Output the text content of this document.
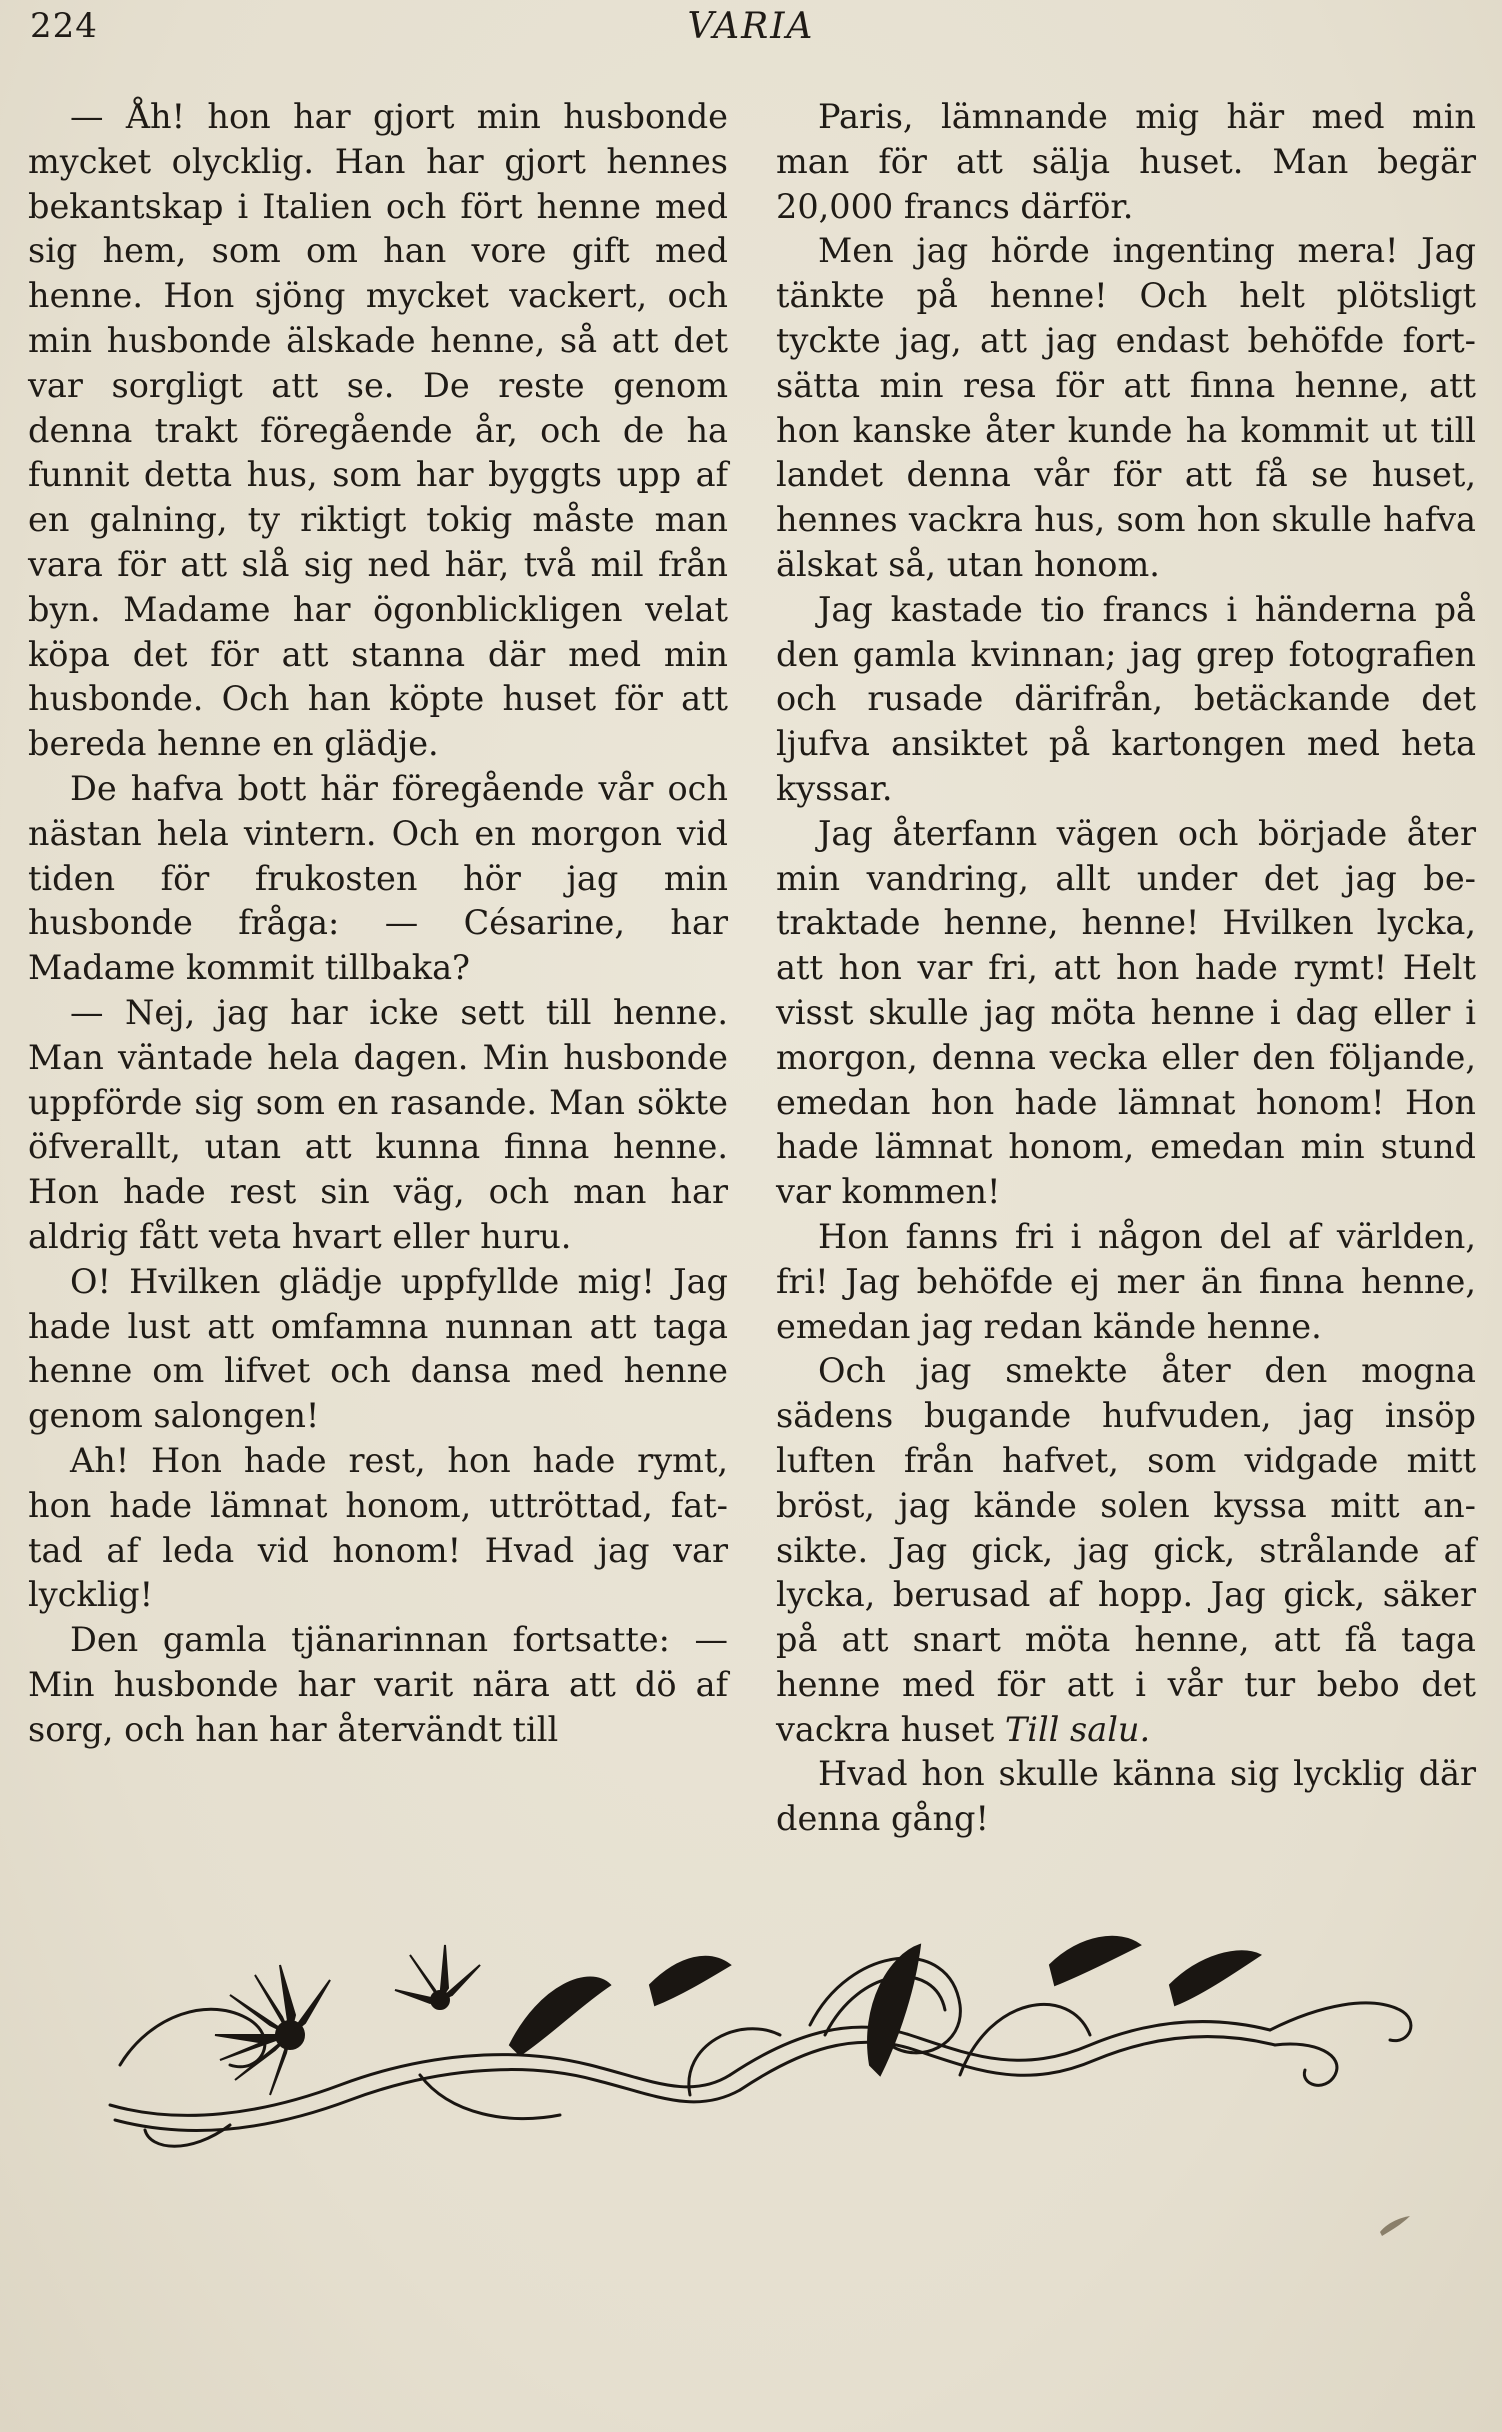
224	VARIA

— Åh! hon har gjort min husbonde mycket olycklig. Han har gjort hennes bekantskap i Italien och fört henne med sig hem, som om han vore gift med henne. Hon sjöng mycket vackert, och min husbonde älskade henne, så att det var sorgligt att se. De reste genom denna trakt föregående år, och de ha funnit detta hus, som har byggts upp af en galning, ty riktigt tokig måste man vara för att slå sig ned här, två mil från byn. Madame har ögonblickligen velat köpa det för att stanna där med min husbonde. Och han köpte huset för att bereda henne en glädje.

De hafva bott här föregående vår och nästan hela vintern. Och en morgon vid tiden för frukosten hör jag min husbonde fråga: — Césarine, har Madame kommit tillbaka?

— Nej, jag har icke sett till henne. Man väntade hela dagen. Min husbonde uppförde sig som en rasande. Man sökte öfverallt, utan att kunna finna henne. Hon hade rest sin väg, och man har aldrig fått veta hvart eller huru.

O! Hvilken glädje uppfyllde mig! Jag hade lust att omfamna nunnan att taga henne om lifvet och dansa med henne genom salongen!

Ah! Hon hade rest, hon hade rymt, hon hade lämnat honom, uttröttad, fattad af leda vid honom! Hvad jag var lycklig!

Den gamla tjänarinnan fortsatte: — Min husbonde har varit nära att dö af sorg, och han har återvändt till

Paris, lämnande mig här med min man för att sälja huset. Man begär 20,000 francs därför.

Men jag hörde ingenting mera! Jag tänkte på henne! Och helt plötsligt tyckte jag, att jag endast behöfde fortsätta min resa för att finna henne, att hon kanske åter kunde ha kommit ut till landet denna vår för att få se huset, hennes vackra hus, som hon skulle hafva älskat så, utan honom.

Jag kastade tio francs i händerna på den gamla kvinnan; jag grep fotografien och rusade därifrån, betäckande det ljufva ansiktet på kartongen med heta kyssar.

Jag återfann vägen och började åter min vandring, allt under det jag betraktade henne, henne! Hvilken lycka, att hon var fri, att hon hade rymt! Helt visst skulle jag möta henne i dag eller i morgon, denna vecka eller den följande, emedan hon hade lämnat honom! Hon hade lämnat honom, emedan min stund var kommen!

Hon fanns fri i någon del af världen, fri! Jag behöfde ej mer än finna henne, emedan jag redan kände henne.

Och jag smekte åter den mogna sädens bugande hufvuden, jag insöp luften från hafvet, som vidgade mitt bröst, jag kände solen kyssa mitt ansikte. Jag gick, jag gick, strålande af lycka, berusad af hopp. Jag gick, säker på att snart möta henne, att få taga henne med för att i vår tur bebo det vackra huset Till salu.

Hvad hon skulle känna sig lycklig där denna gång!
